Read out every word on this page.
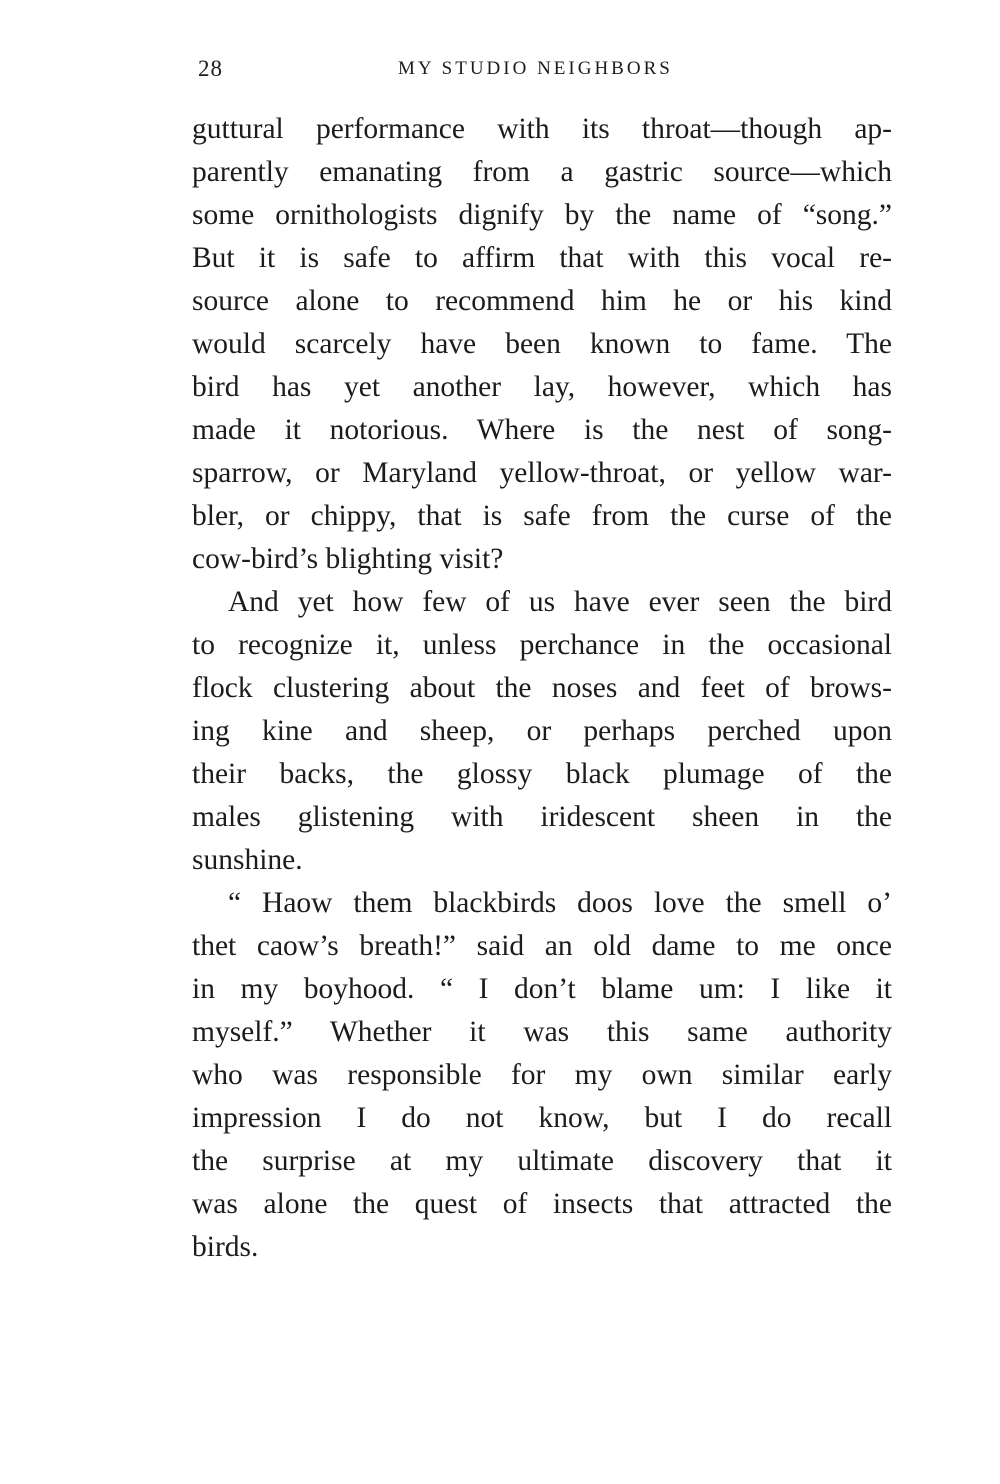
28	MY STUDIO NEIGHBORS
guttural performance with its throat—though ap-
parently emanating from a gastric source—which
some ornithologists dignify by the name of “song.”
But it is safe to affirm that with this vocal re-
source alone to recommend him he or his kind
would scarcely have been known to fame. The
bird has yet another lay, however, which has
made it notorious. Where is the nest of song-
sparrow, or Maryland yellow-throat, or yellow war-
bler, or chippy, that is safe from the curse of the
cow-bird’s blighting visit?
And yet how few of us have ever seen the bird
to recognize it, unless perchance in the occasional
flock clustering about the noses and feet of brows-
ing kine and sheep, or perhaps perched upon
their backs, the glossy black plumage of the
males glistening with iridescent sheen in the
sunshine.
“ Haow them blackbirds doos love the smell o’
thet caow’s breath!” said an old dame to me once
in my boyhood. “ I don’t blame um: I like it
myself.” Whether it was this same authority
who was responsible for my own similar early
impression I do not know, but I do recall
the surprise at my ultimate discovery that it
was alone the quest of insects that attracted the
birds.
